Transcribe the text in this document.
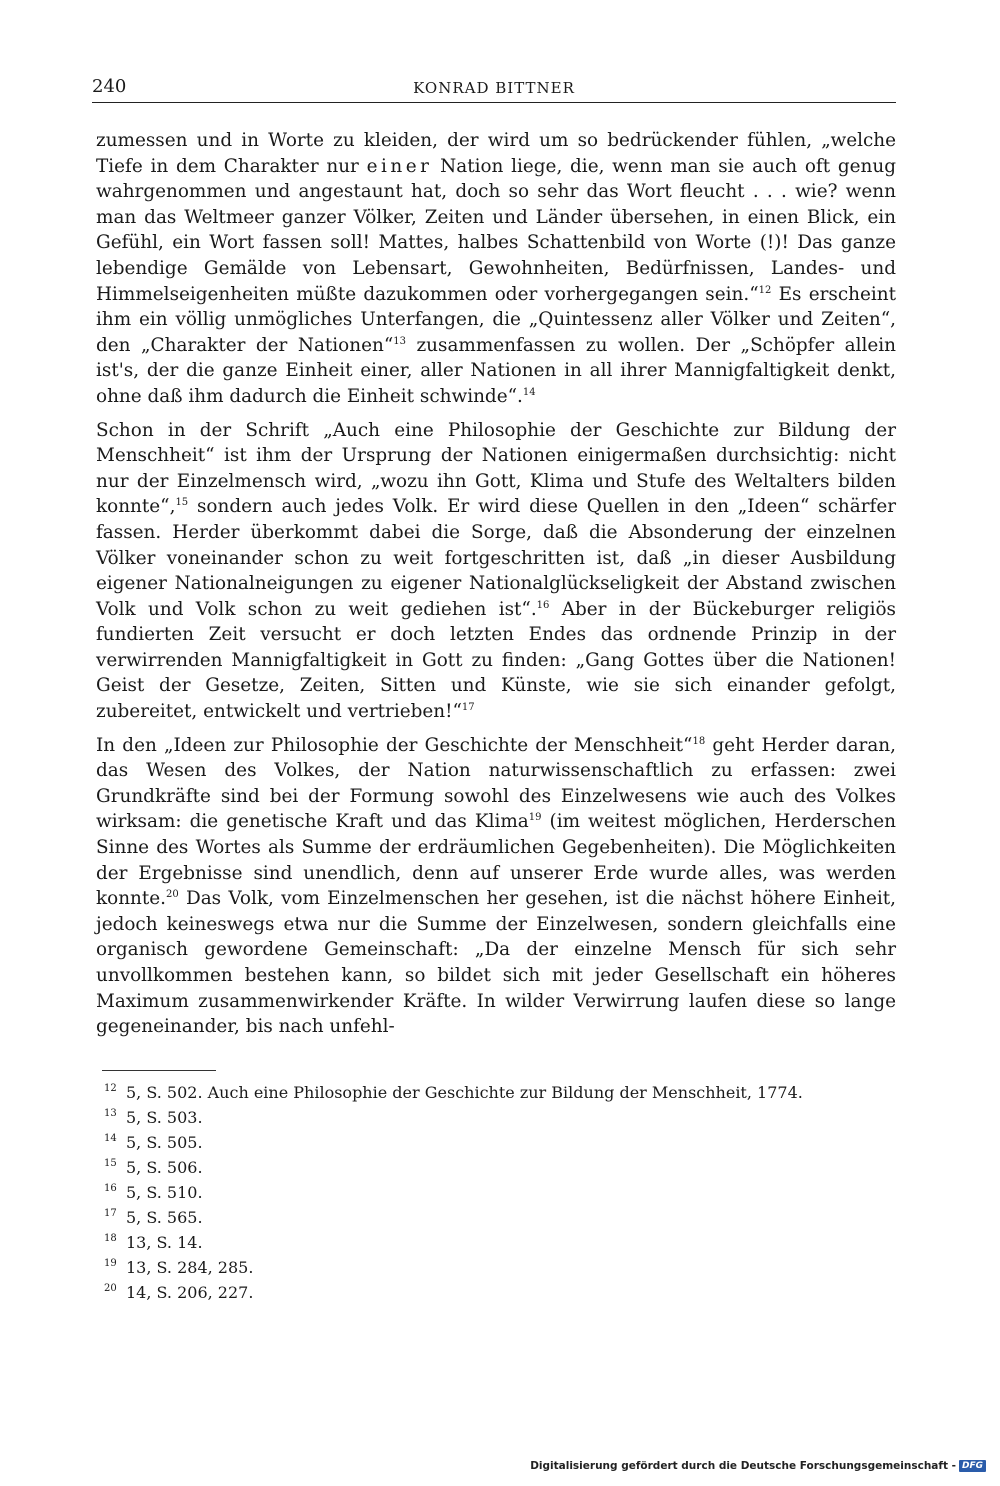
240	KONRAD BITTNER

zumessen und in Worte zu kleiden, der wird um so bedrückender fühlen, „welche Tiefe in dem Charakter nur einer Nation liege, die, wenn man sie auch oft genug wahrgenommen und angestaunt hat, doch so sehr das Wort fleucht . . . wie? wenn man das Weltmeer ganzer Völker, Zeiten und Länder übersehen, in einen Blick, ein Gefühl, ein Wort fassen soll! Mattes, halbes Schattenbild von Worte (!)! Das ganze lebendige Gemälde von Lebensart, Gewohnheiten, Bedürfnissen, Landes- und Himmelseigenheiten müßte dazukommen oder vorhergegangen sein.“$^{12}$ Es erscheint ihm ein völlig unmögliches Unterfangen, die „Quintessenz aller Völker und Zeiten“, den „Charakter der Nationen“$^{13}$ zusammenfassen zu wollen. Der „Schöpfer allein ist's, der die ganze Einheit einer, aller Nationen in all ihrer Mannigfaltigkeit denkt, ohne daß ihm dadurch die Einheit schwinde“.$^{14}$

Schon in der Schrift „Auch eine Philosophie der Geschichte zur Bildung der Menschheit“ ist ihm der Ursprung der Nationen einigermaßen durchsichtig: nicht nur der Einzelmensch wird, „wozu ihn Gott, Klima und Stufe des Weltalters bilden konnte“,$^{15}$ sondern auch jedes Volk. Er wird diese Quellen in den „Ideen“ schärfer fassen. Herder überkommt dabei die Sorge, daß die Absonderung der einzelnen Völker voneinander schon zu weit fortgeschritten ist, daß „in dieser Ausbildung eigener Nationalneigungen zu eigener Nationalglückseligkeit der Abstand zwischen Volk und Volk schon zu weit gediehen ist“.$^{16}$ Aber in der Bückeburger religiös fundierten Zeit versucht er doch letzten Endes das ordnende Prinzip in der verwirrenden Mannigfaltigkeit in Gott zu finden: „Gang Gottes über die Nationen! Geist der Gesetze, Zeiten, Sitten und Künste, wie sie sich einander gefolgt, zubereitet, entwickelt und vertrieben!“$^{17}$

In den „Ideen zur Philosophie der Geschichte der Menschheit“$^{18}$ geht Herder daran, das Wesen des Volkes, der Nation naturwissenschaftlich zu erfassen: zwei Grundkräfte sind bei der Formung sowohl des Einzelwesens wie auch des Volkes wirksam: die genetische Kraft und das Klima$^{19}$ (im weitest möglichen, Herderschen Sinne des Wortes als Summe der erdräumlichen Gegebenheiten). Die Möglichkeiten der Ergebnisse sind unendlich, denn auf unserer Erde wurde alles, was werden konnte.$^{20}$ Das Volk, vom Einzelmenschen her gesehen, ist die nächst höhere Einheit, jedoch keineswegs etwa nur die Summe der Einzelwesen, sondern gleichfalls eine organisch gewordene Gemeinschaft: „Da der einzelne Mensch für sich sehr unvollkommen bestehen kann, so bildet sich mit jeder Gesellschaft ein höheres Maximum zusammenwirkender Kräfte. In wilder Verwirrung laufen diese so lange gegeneinander, bis nach unfehl-

12 5, S. 502. Auch eine Philosophie der Geschichte zur Bildung der Menschheit, 1774.
13 5, S. 503.
14 5, S. 505.
15 5, S. 506.
16 5, S. 510.
17 5, S. 565.
18 13, S. 14.
19 13, S. 284, 285.
20 14, S. 206, 227.
Digitalisierung gefördert durch die Deutsche Forschungsgemeinschaft - DFG
